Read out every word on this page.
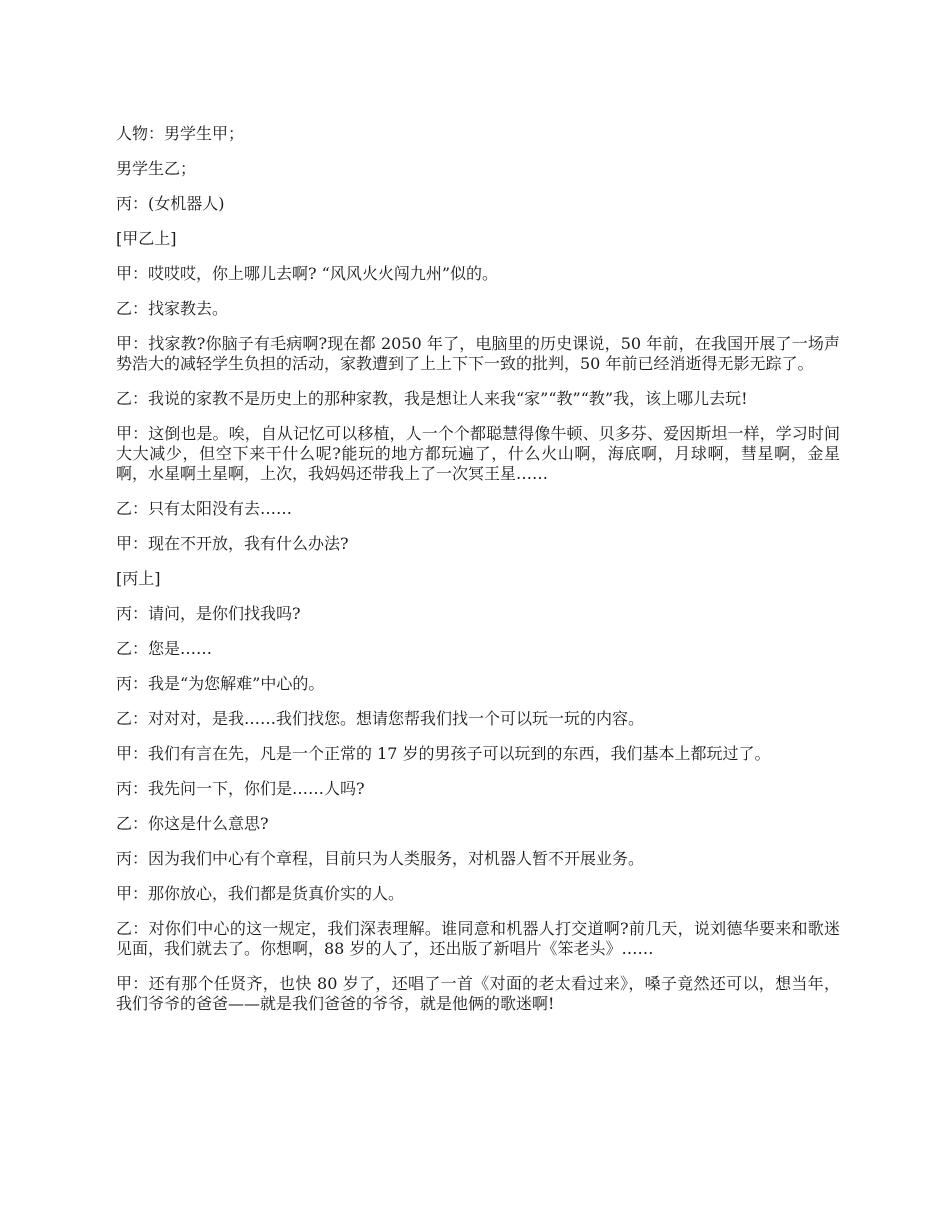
人物：男学生甲；

男学生乙；

丙：(女机器人)

[甲乙上]

甲：哎哎哎，你上哪儿去啊? “风风火火闯九州”似的。

乙：找家教去。

甲：找家教?你脑子有毛病啊?现在都 2050 年了，电脑里的历史课说，50 年前，在我国开展了一场声势浩大的减轻学生负担的活动，家教遭到了上上下下一致的批判，50 年前已经消逝得无影无踪了。

乙：我说的家教不是历史上的那种家教，我是想让人来我“家”“教”“教”我，该上哪儿去玩!

甲：这倒也是。唉，自从记忆可以移植，人一个个都聪慧得像牛顿、贝多芬、爱因斯坦一样，学习时间大大减少，但空下来干什么呢?能玩的地方都玩遍了，什么火山啊，海底啊，月球啊，彗星啊，金星啊，水星啊土星啊，上次，我妈妈还带我上了一次冥王星……

乙：只有太阳没有去……

甲：现在不开放，我有什么办法?

[丙上]

丙：请问，是你们找我吗?

乙：您是……

丙：我是“为您解难”中心的。

乙：对对对，是我……我们找您。想请您帮我们找一个可以玩一玩的内容。

甲：我们有言在先，凡是一个正常的 17 岁的男孩子可以玩到的东西，我们基本上都玩过了。

丙：我先问一下，你们是……人吗?

乙：你这是什么意思?

丙：因为我们中心有个章程，目前只为人类服务，对机器人暂不开展业务。

甲：那你放心，我们都是货真价实的人。

乙：对你们中心的这一规定，我们深表理解。谁同意和机器人打交道啊?前几天，说刘德华要来和歌迷见面，我们就去了。你想啊，88 岁的人了，还出版了新唱片《笨老头》……

甲：还有那个任贤齐，也快 80 岁了，还唱了一首《对面的老太看过来》，嗓子竟然还可以，想当年，我们爷爷的爸爸——就是我们爸爸的爷爷，就是他俩的歌迷啊!
